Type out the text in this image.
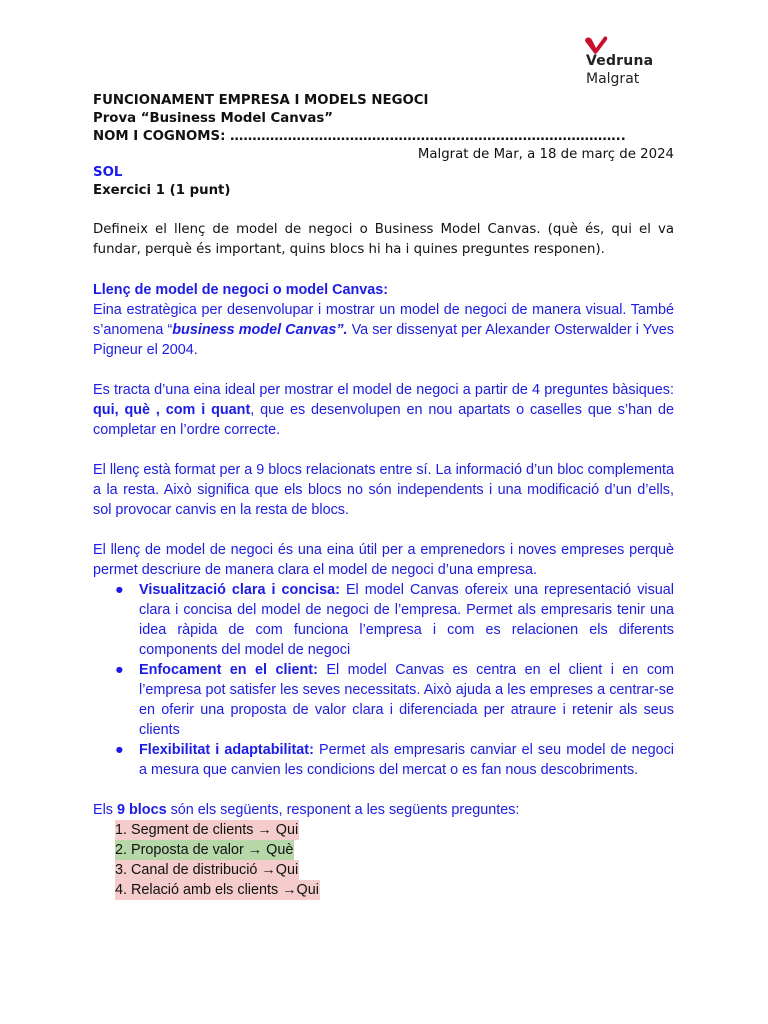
Vedruna
Malgrat
FUNCIONAMENT EMPRESA I MODELS NEGOCI
Prova “Business Model Canvas”
NOM I COGNOMS: ……………………………………………………………………………..
Malgrat de Mar, a 18 de març de 2024
SOL
Exercici 1 (1 punt)

Defineix el llenç de model de negoci o Business Model Canvas. (què és, qui el va fundar, perquè és important, quins blocs hi ha i quines preguntes responen).

Llenç de model de negoci o model Canvas:

Eina estratègica per desenvolupar i mostrar un model de negoci de manera visual. També s’anomena “business model Canvas”. Va ser dissenyat per Alexander Osterwalder i Yves Pigneur el 2004.

Es tracta d’una eina ideal per mostrar el model de negoci a partir de 4 preguntes bàsiques: qui, què , com i quant, que es desenvolupen en nou apartats o caselles que s’han de completar en l’ordre correcte.

El llenç està format per a 9 blocs relacionats entre sí. La informació d’un bloc complementa a la resta. Això significa que els blocs no són independents i una modificació d’un d’ells, sol provocar canvis en la resta de blocs.

El llenç de model de negoci és una eina útil per a emprenedors i noves empreses perquè permet descriure de manera clara el model de negoci d’una empresa.

● Visualització clara i concisa: El model Canvas ofereix una representació visual clara i concisa del model de negoci de l’empresa. Permet als empresaris tenir una idea ràpida de com funciona l’empresa i com es relacionen els diferents components del model de negoci
● Enfocament en el client: El model Canvas es centra en el client i en com l’empresa pot satisfer les seves necessitats. Això ajuda a les empreses a centrar-se en oferir una proposta de valor clara i diferenciada per atraure i retenir als seus clients
● Flexibilitat i adaptabilitat: Permet als empresaris canviar el seu model de negoci a mesura que canvien les condicions del mercat o es fan nous descobriments.

Els 9 blocs són els següents, responent a les següents preguntes:

1. Segment de clients → Qui
2. Proposta de valor → Què
3. Canal de distribució →Qui
4. Relació amb els clients →Qui
